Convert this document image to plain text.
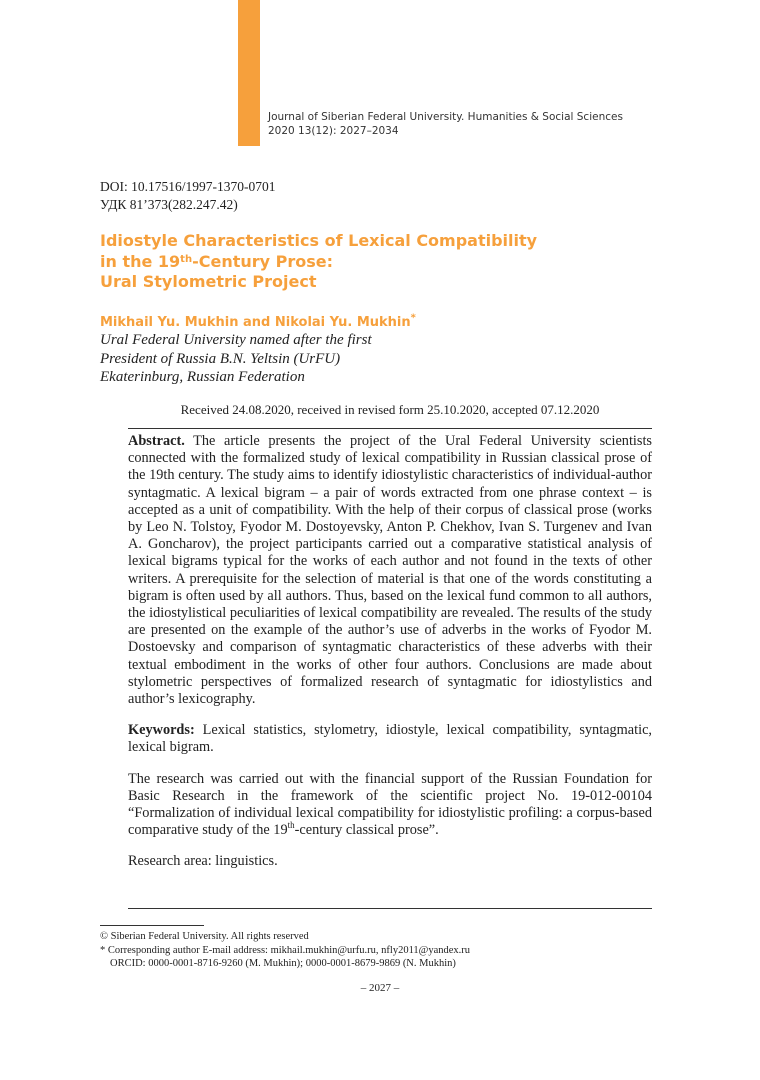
Journal of Siberian Federal University. Humanities & Social Sciences
2020 13(12): 2027–2034
DOI: 10.17516/1997-1370-0701
УДК 81’373(282.247.42)
Idiostyle Characteristics of Lexical Compatibility
in the 19th-Century Prose:
Ural Stylometric Project
Mikhail Yu. Mukhin and Nikolai Yu. Mukhin*
Ural Federal University named after the first
President of Russia B.N. Yeltsin (UrFU)
Ekaterinburg, Russian Federation
Received 24.08.2020, received in revised form 25.10.2020, accepted 07.12.2020

Abstract. The article presents the project of the Ural Federal University scientists connected with the formalized study of lexical compatibility in Russian classical prose of the 19th century. The study aims to identify idiostylistic characteristics of individual-author syntagmatic. A lexical bigram – a pair of words extracted from one phrase context – is accepted as a unit of compatibility. With the help of their corpus of classical prose (works by Leo N. Tolstoy, Fyodor M. Dostoyevsky, Anton P. Chekhov, Ivan S. Turgenev and Ivan A. Goncharov), the project participants carried out a comparative statistical analysis of lexical bigrams typical for the works of each author and not found in the texts of other writers. A prerequisite for the selection of material is that one of the words constituting a bigram is often used by all authors. Thus, based on the lexical fund common to all authors, the idiostylistical peculiarities of lexical compatibility are revealed. The results of the study are presented on the example of the author’s use of adverbs in the works of Fyodor M. Dostoevsky and comparison of syntagmatic characteristics of these adverbs with their textual embodiment in the works of other four authors. Conclusions are made about stylometric perspectives of formalized research of syntagmatic for idiostylistics and author’s lexicography.

Keywords: Lexical statistics, stylometry, idiostyle, lexical compatibility, syntagmatic, lexical bigram.

The research was carried out with the financial support of the Russian Foundation for Basic Research in the framework of the scientific project No. 19-012-00104 “Formalization of individual lexical compatibility for idiostylistic profiling: a corpus-based comparative study of the 19th-century classical prose”.

Research area: linguistics.

© Siberian Federal University. All rights reserved
* Corresponding author E-mail address: mikhail.mukhin@urfu.ru, nfly2011@yandex.ru
ORCID: 0000-0001-8716-9260 (M. Mukhin); 0000-0001-8679-9869 (N. Mukhin)
– 2027 –
